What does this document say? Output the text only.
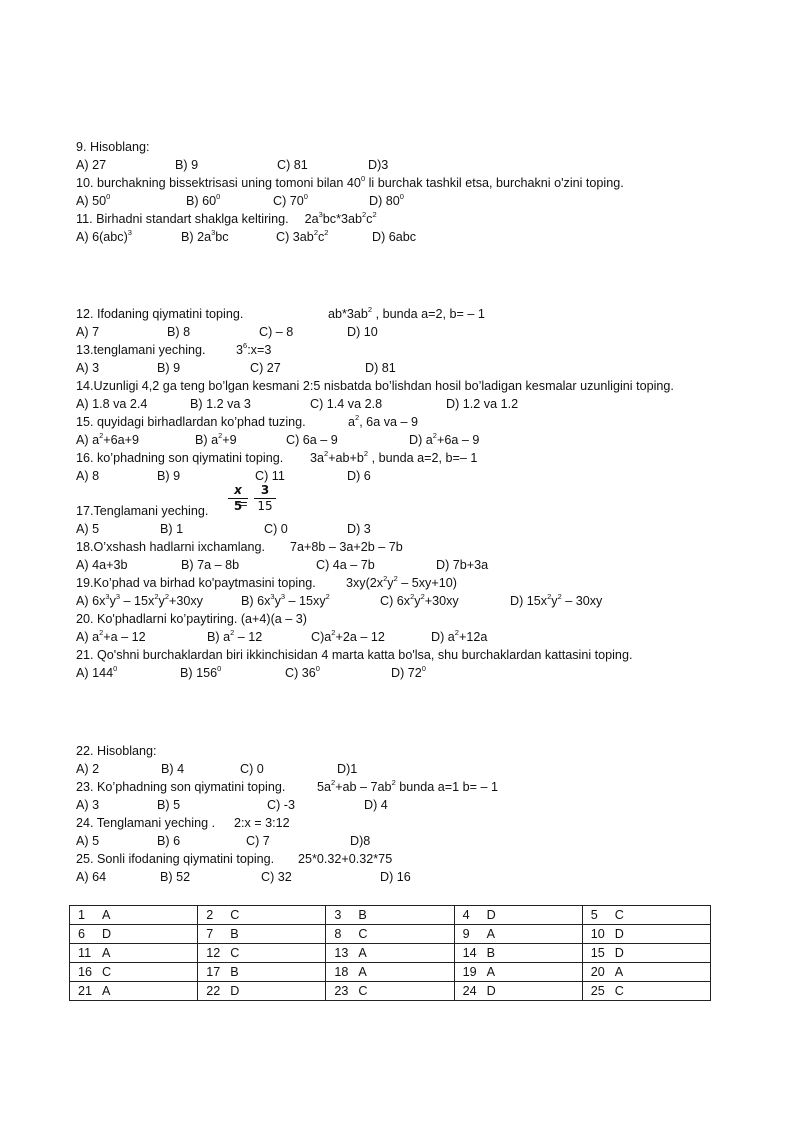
9. Hisoblang:
A) 27	B) 9	C) 81	D)3
10. burchakning bissektrisasi uning tomoni bilan $40^0$ li burchak tashkil etsa, burchakni o'zini toping.
A) $50^0$	B) $60^0$	C) $70^0$	D) $80^0$
11. Birhadni standart shaklga keltiring. $2a^3bc*3ab^2c^2$
A) 6(abc)$^3$	B) $2a^3bc$	C) $3ab^2c^2$	D) 6abc
12. Ifodaning qiymatini toping.	$ab*3ab^2$ , bunda a=2, b= – 1
A) 7	B) 8	C) – 8	D) 10
13.tenglamani yeching. $3^6:x=3$
A) 3	B) 9	C) 27	D) 81
14.Uzunligi 4,2 ga teng bo’lgan kesmani 2:5 nisbatda bo’lishdan hosil bo’ladigan kesmalar uzunligini toping.
A) 1.8 va 2.4	B) 1.2 va 3	C) 1.4 va 2.8	D) 1.2 va 1.2
15. quyidagi birhadlardan ko’phad tuzing.	$a^2$, 6a va – 9
A) $a^2+6a+9$	B) $a^2+9$	C) 6a – 9	D) $a^2+6a - 9$
16. ko’phadning son qiymatini toping. $3a^2+ab+b^2$ , bunda a=2, b=– 1
A) 8	B) 9	C) 11	D) 6
17.Tenglamani yeching.
x
5
=
3
15
A) 5	B) 1	C) 0	D) 3
18.O’xshash hadlarni ixchamlang. 7a+8b – 3a+2b – 7b
A) 4a+3b	B) 7a – 8b	C) 4a – 7b	D) 7b+3a
19.Ko’phad va birhad ko'paytmasini toping. $3xy(2x^2y^2 - 5xy+10)$
A) $6x^3y^3 - 15x^2y^2+30xy$	B) $6x^3y^3 - 15xy^2$	C) $6x^2y^2+30xy$	D) $15x^2y^2 - 30xy$
20. Ko'phadlarni ko’paytiring. (a+4)(a – 3)
A) $a^2+a - 12$	B) $a^2 - 12$	$C)a^2+2a - 12$	D) $a^2+12a$
21. Qo'shni burchaklardan biri ikkinchisidan 4 marta katta bo'lsa, shu burchaklardan kattasini toping.
A) $144^0$	B) $156^0$	C) $36^0$	D) $72^0$
22. Hisoblang:
A) 2	B) 4	C) 0	D)1
23. Ko’phadning son qiymatini toping.	$5a^2+ab - 7ab^2$ bunda a=1 b= – 1
A) 3	B) 5	C) -3	D) 4
24. Tenglamani yeching . 2:x = 3:12
A) 5	B) 6	C) 7	D)8
25. Sonli ifodaning qiymatini toping. 25*0.32+0.32*75
A) 64	B) 52	C) 32	D) 16
1 A	2 C	3 B	4 D	5 C
6 D	7 B	8 C	9 A	10 D
11 A	12 C	13 A	14 B	15 D
16 C	17 B	18 A	19 A	20 A
21 A	22 D	23 C	24 D	25 C
